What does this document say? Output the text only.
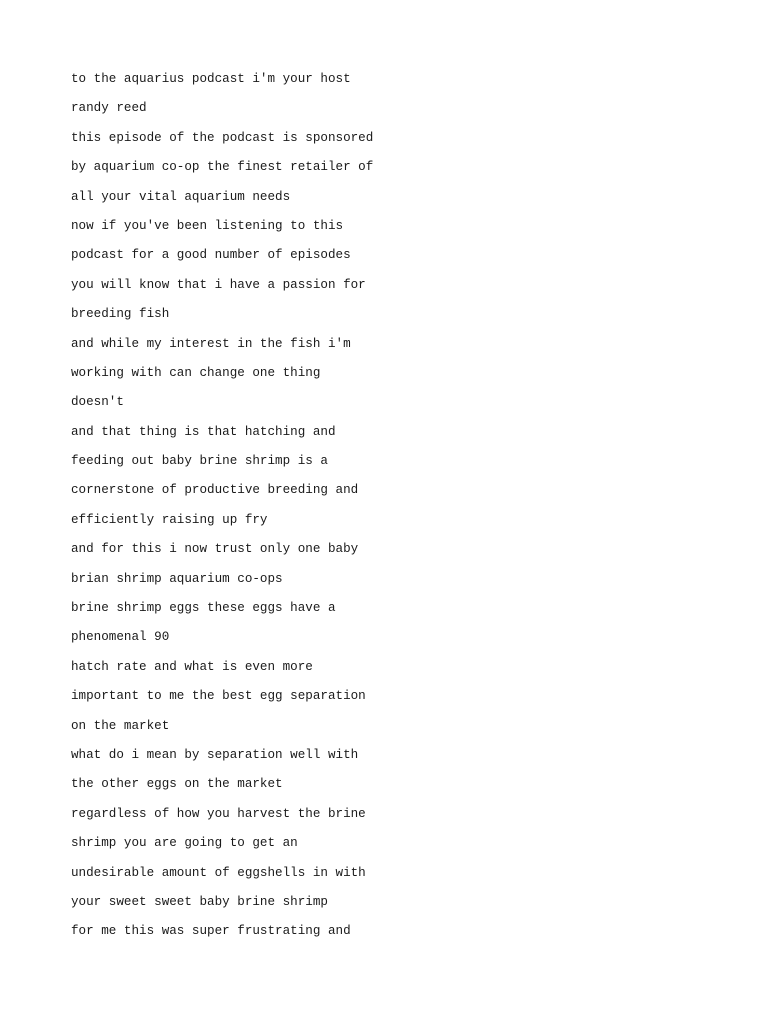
to the aquarius podcast i'm your host
randy reed
this episode of the podcast is sponsored
by aquarium co-op the finest retailer of
all your vital aquarium needs
now if you've been listening to this
podcast for a good number of episodes
you will know that i have a passion for
breeding fish
and while my interest in the fish i'm
working with can change one thing
doesn't
and that thing is that hatching and
feeding out baby brine shrimp is a
cornerstone of productive breeding and
efficiently raising up fry
and for this i now trust only one baby
brian shrimp aquarium co-ops
brine shrimp eggs these eggs have a
phenomenal 90
hatch rate and what is even more
important to me the best egg separation
on the market
what do i mean by separation well with
the other eggs on the market
regardless of how you harvest the brine
shrimp you are going to get an
undesirable amount of eggshells in with
your sweet sweet baby brine shrimp
for me this was super frustrating and
